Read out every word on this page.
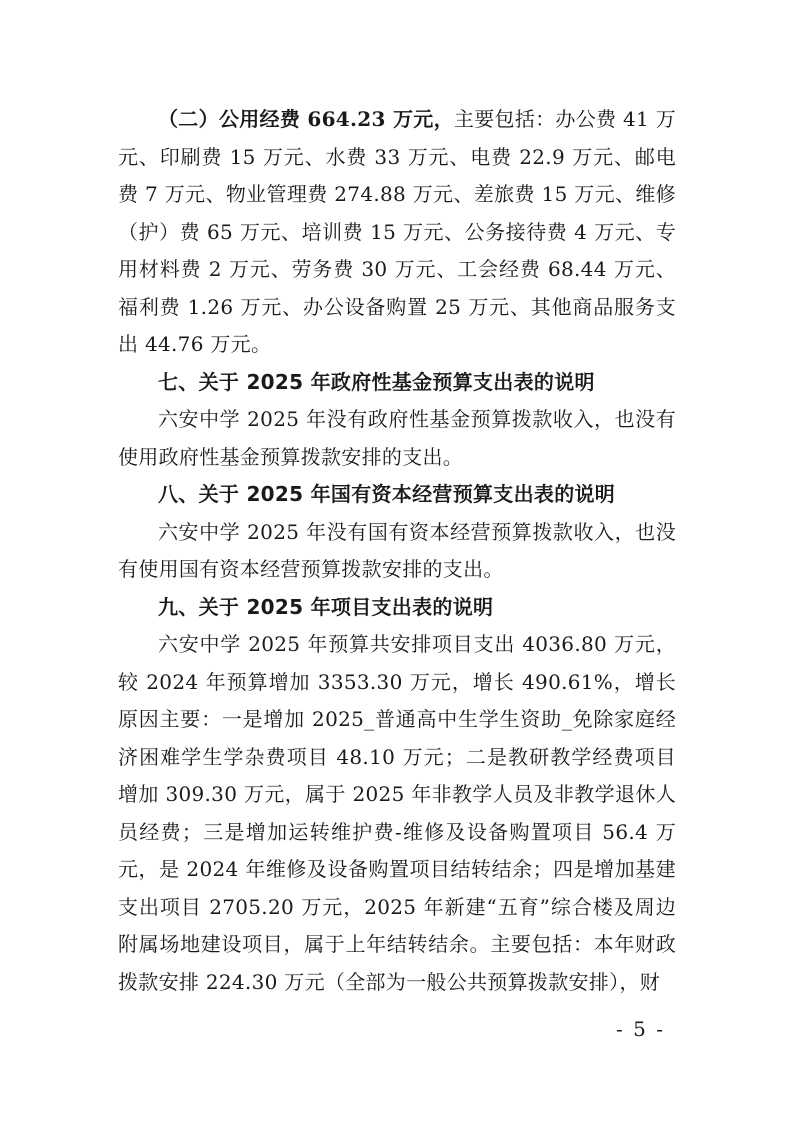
（二）公用经费 664.23 万元，主要包括：办公费 41 万元、印刷费 15 万元、水费 33 万元、电费 22.9 万元、邮电费 7 万元、物业管理费 274.88 万元、差旅费 15 万元、维修（护）费 65 万元、培训费 15 万元、公务接待费 4 万元、专用材料费 2 万元、劳务费 30 万元、工会经费 68.44 万元、福利费 1.26 万元、办公设备购置 25 万元、其他商品服务支出 44.76 万元。

七、关于 2025 年政府性基金预算支出表的说明

六安中学 2025 年没有政府性基金预算拨款收入，也没有使用政府性基金预算拨款安排的支出。

八、关于 2025 年国有资本经营预算支出表的说明

六安中学 2025 年没有国有资本经营预算拨款收入，也没有使用国有资本经营预算拨款安排的支出。

九、关于 2025 年项目支出表的说明

六安中学 2025 年预算共安排项目支出 4036.80 万元，较 2024 年预算增加 3353.30 万元，增长 490.61%，增长原因主要：一是增加 2025_普通高中生学生资助_免除家庭经济困难学生学杂费项目 48.10 万元；二是教研教学经费项目增加 309.30 万元，属于 2025 年非教学人员及非教学退休人员经费；三是增加运转维护费-维修及设备购置项目 56.4 万元，是 2024 年维修及设备购置项目结转结余；四是增加基建支出项目 2705.20 万元，2025 年新建“五育”综合楼及周边附属场地建设项目，属于上年结转结余。主要包括：本年财政拨款安排 224.30 万元（全部为一般公共预算拨款安排），财

- 5 -
